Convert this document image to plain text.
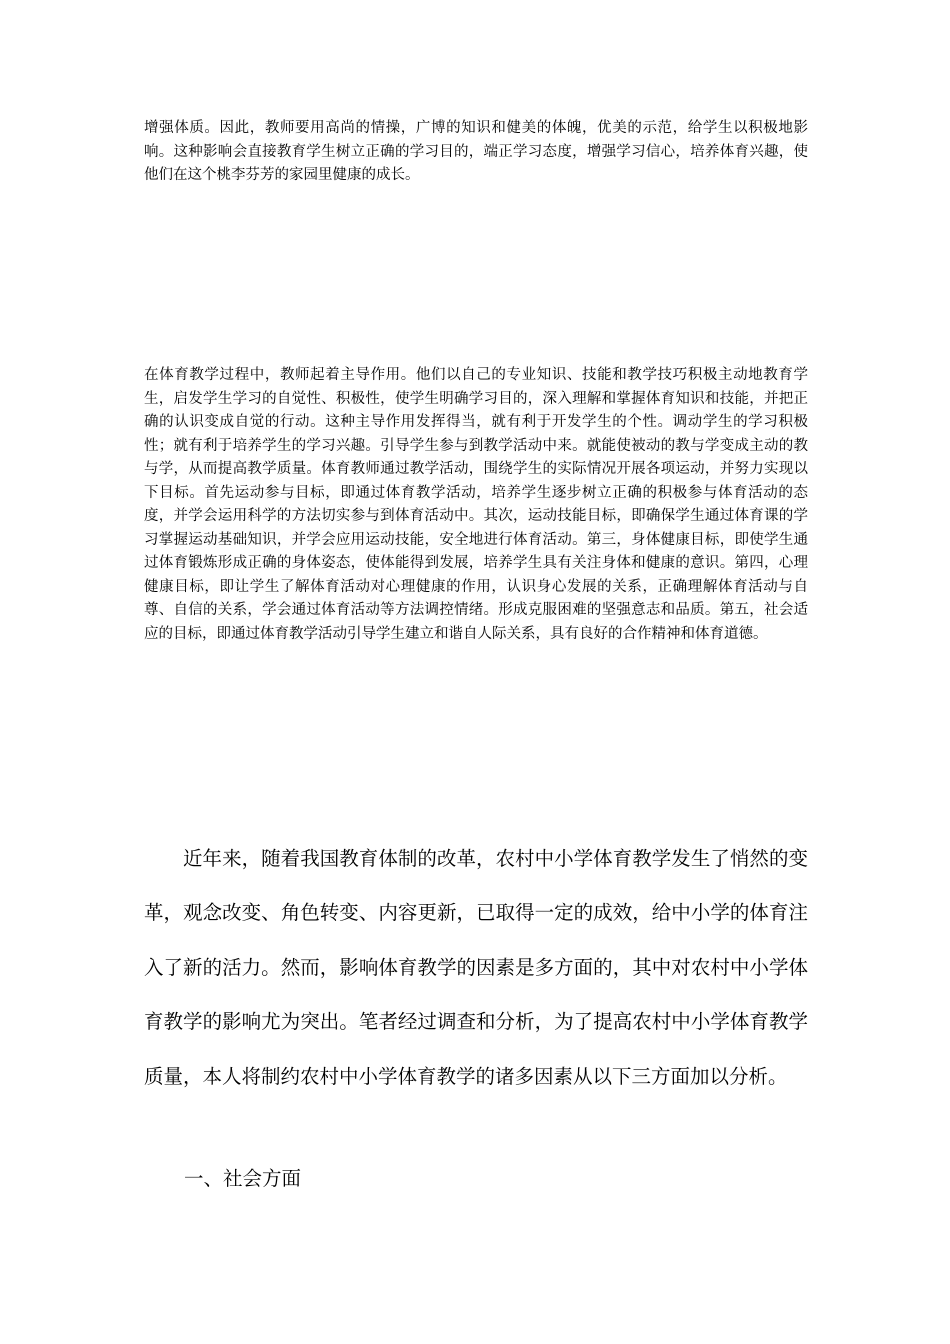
增强体质。因此，教师要用高尚的情操，广博的知识和健美的体魄，优美的示范，给学生以积极地影响。这种影响会直接教育学生树立正确的学习目的，端正学习态度，增强学习信心，培养体育兴趣，使他们在这个桃李芬芳的家园里健康的成长。

在体育教学过程中，教师起着主导作用。他们以自己的专业知识、技能和教学技巧积极主动地教育学生，启发学生学习的自觉性、积极性，使学生明确学习目的，深入理解和掌握体育知识和技能，并把正确的认识变成自觉的行动。这种主导作用发挥得当，就有利于开发学生的个性。调动学生的学习积极性；就有利于培养学生的学习兴趣。引导学生参与到教学活动中来。就能使被动的教与学变成主动的教与学，从而提高教学质量。体育教师通过教学活动，围绕学生的实际情况开展各项运动，并努力实现以下目标。首先运动参与目标，即通过体育教学活动，培养学生逐步树立正确的积极参与体育活动的态度，并学会运用科学的方法切实参与到体育活动中。其次，运动技能目标，即确保学生通过体育课的学习掌握运动基础知识，并学会应用运动技能，安全地进行体育活动。第三，身体健康目标，即使学生通过体育锻炼形成正确的身体姿态，使体能得到发展，培养学生具有关注身体和健康的意识。第四，心理健康目标，即让学生了解体育活动对心理健康的作用，认识身心发展的关系，正确理解体育活动与自尊、自信的关系，学会通过体育活动等方法调控情绪。形成克服困难的坚强意志和品质。第五，社会适应的目标，即通过体育教学活动引导学生建立和谐自人际关系，具有良好的合作精神和体育道德。

近年来，随着我国教育体制的改革，农村中小学体育教学发生了悄然的变革，观念改变、角色转变、内容更新，已取得一定的成效，给中小学的体育注入了新的活力。然而，影响体育教学的因素是多方面的，其中对农村中小学体育教学的影响尤为突出。笔者经过调查和分析，为了提高农村中小学体育教学质量，本人将制约农村中小学体育教学的诸多因素从以下三方面加以分析。

一、社会方面
